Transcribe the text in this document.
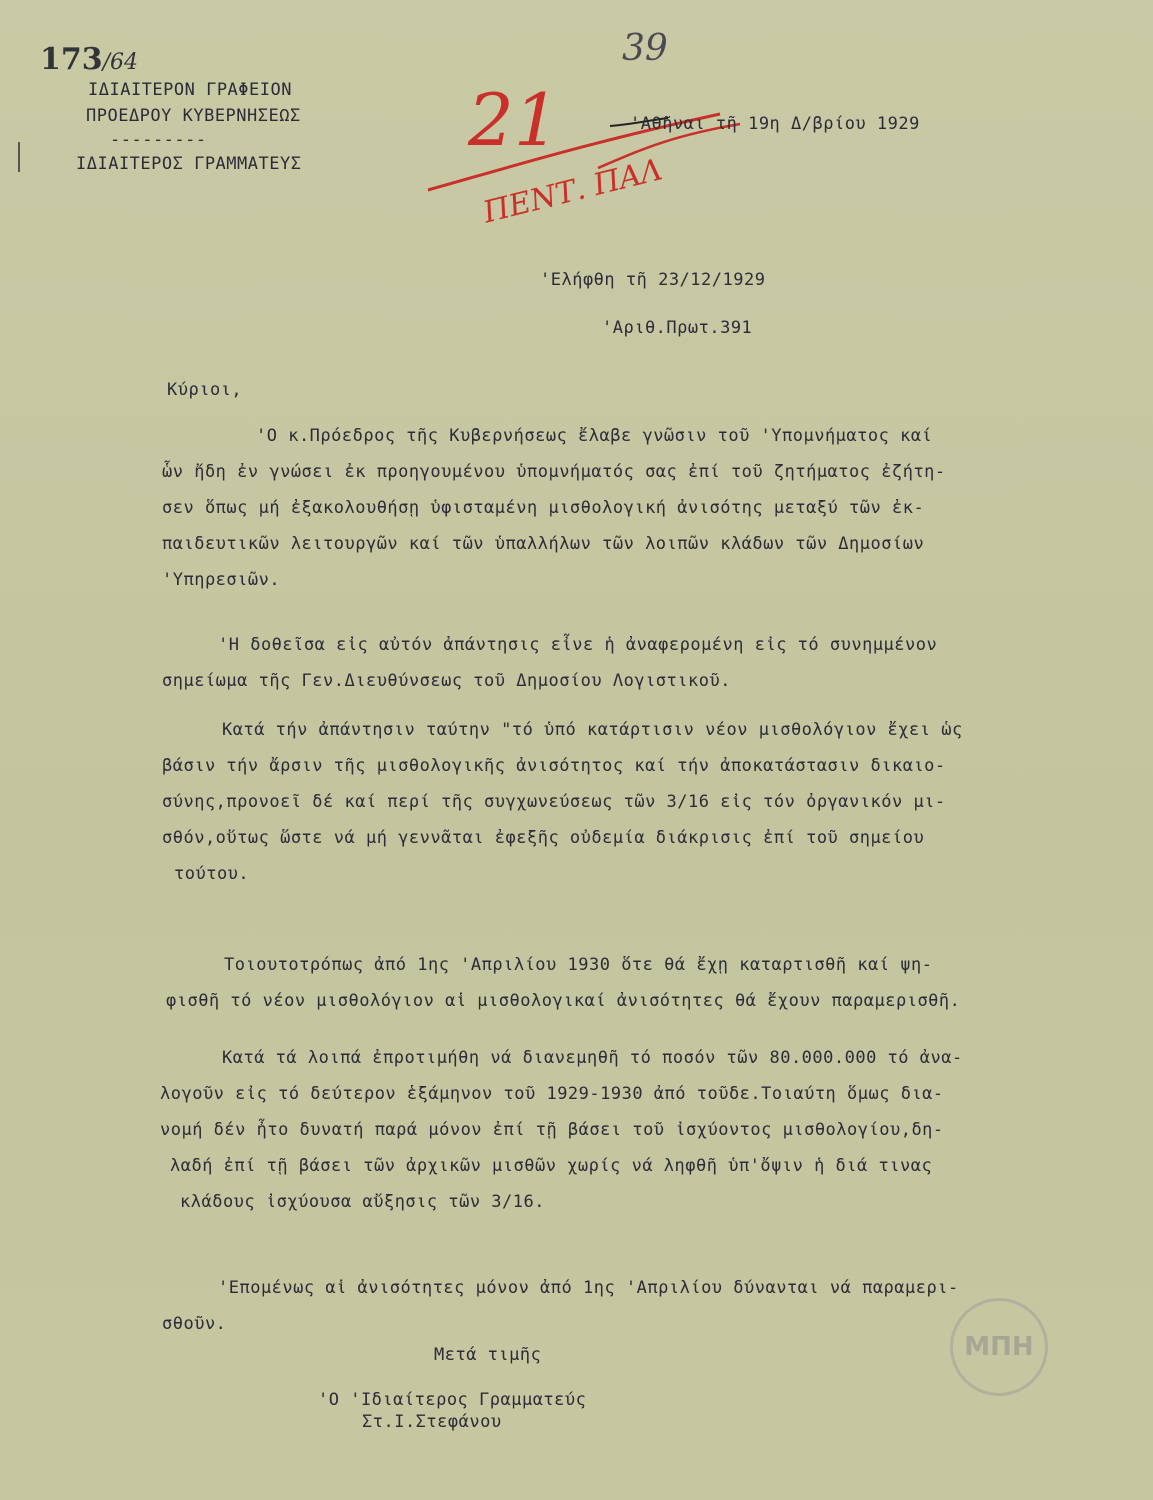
173/64
ΙΔΙΑΙΤΕΡΟΝ ΓΡΑΦΕΙΟΝ
ΠΡΟΕΔΡΟΥ ΚΥΒΕΡΝΗΣΕΩΣ
---------
ΙΔΙΑΙΤΕΡΟΣ ΓΡΑΜΜΑΤΕΥΣ
21
ΠΕΝΤ. ΠΑΛ
39
'Αθῆναι τῆ 19η Δ/βρίου 1929
'Ελήφθη τῆ 23/12/1929
'Αριθ.Πρωτ.391
Κύριοι,
'Ο κ.Πρόεδρος τῆς Κυβερνήσεως ἔλαβε γνῶσιν τοῦ 'Υπομνήματος καί
ὧν ἤδη ἐν γνώσει ἐκ προηγουμένου ὑπομνήματός σας ἐπί τοῦ ζητήματος ἐζήτη-
σεν ὅπως μή ἐξακολουθήσῃ ὑφισταμένη μισθολογική ἀνισότης μεταξύ τῶν ἐκ-
παιδευτικῶν λειτουργῶν καί τῶν ὑπαλλήλων τῶν λοιπῶν κλάδων τῶν Δημοσίων
'Υπηρεσιῶν.
'Η δοθεῖσα εἰς αὐτόν ἀπάντησις εἶνε ἡ ἀναφερομένη εἰς τό συνημμένον
σημείωμα τῆς Γεν.Διευθύνσεως τοῦ Δημοσίου Λογιστικοῦ.
Κατά τήν ἀπάντησιν ταύτην "τό ὑπό κατάρτισιν νέον μισθολόγιον ἔχει ὡς
βάσιν τήν ἄρσιν τῆς μισθολογικῆς ἀνισότητος καί τήν ἀποκατάστασιν δικαιο-
σύνης,προνοεῖ δέ καί περί τῆς συγχωνεύσεως τῶν 3/16 εἰς τόν ὀργανικόν μι-
σθόν,οὕτως ὥστε νά μή γεννᾶται ἐφεξῆς οὐδεμία διάκρισις ἐπί τοῦ σημείου
τούτου.
Τοιουτοτρόπως ἀπό 1ης 'Απριλίου 1930 ὅτε θά ἔχῃ καταρτισθῆ καί ψη-
φισθῆ τό νέον μισθολόγιον αἱ μισθολογικαί ἀνισότητες θά ἔχουν παραμερισθῆ.
Κατά τά λοιπά ἐπροτιμήθη νά διανεμηθῆ τό ποσόν τῶν 80.000.000 τό ἀνα-
λογοῦν εἰς τό δεύτερον ἑξάμηνον τοῦ 1929-1930 ἀπό τοῦδε.Τοιαύτη ὅμως δια-
νομή δέν ἦτο δυνατή παρά μόνον ἐπί τῇ βάσει τοῦ ἰσχύοντος μισθολογίου,δη-
λαδή ἐπί τῇ βάσει τῶν ἀρχικῶν μισθῶν χωρίς νά ληφθῆ ὑπ'ὄψιν ἡ διά τινας
κλάδους ἰσχύουσα αὔξησις τῶν 3/16.
'Επομένως αἱ ἀνισότητες μόνον ἀπό 1ης 'Απριλίου δύνανται νά παραμερι-
σθοῦν.
Μετά τιμῆς
'Ο 'Ιδιαίτερος Γραμματεύς
Στ.Ι.Στεφάνου
ΜΠΗ
